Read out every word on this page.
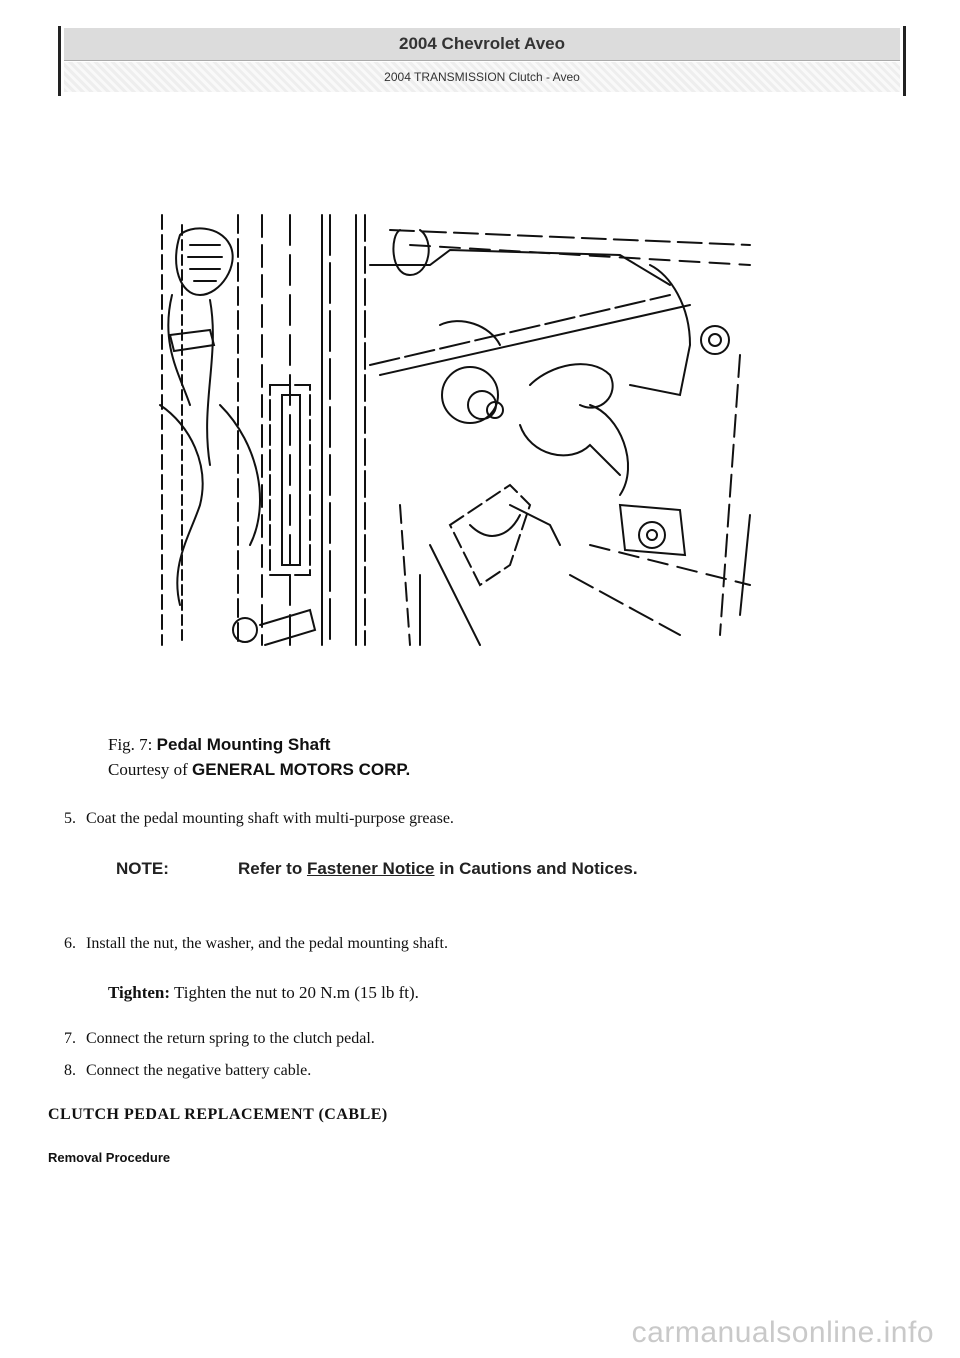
2004 Chevrolet Aveo
2004 TRANSMISSION Clutch - Aveo
Fig. 7: Pedal Mounting Shaft
Courtesy of GENERAL MOTORS CORP.
5. Coat the pedal mounting shaft with multi-purpose grease.
NOTE:	Refer to Fastener Notice in Cautions and Notices.
6. Install the nut, the washer, and the pedal mounting shaft.
Tighten: Tighten the nut to 20 N.m (15 lb ft).
7. Connect the return spring to the clutch pedal.
8. Connect the negative battery cable.
CLUTCH PEDAL REPLACEMENT (CABLE)
Removal Procedure
carmanualsonline.info
